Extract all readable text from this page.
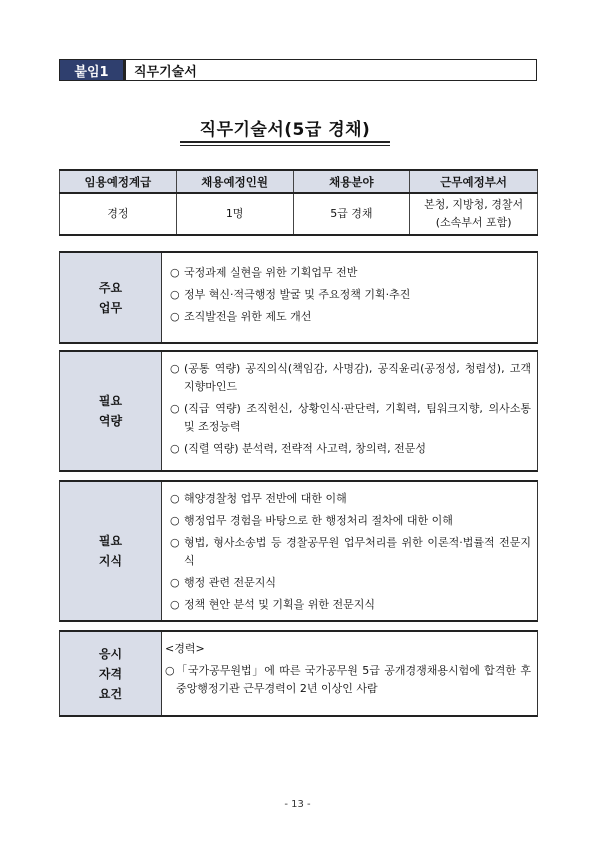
붙임1	직무기술서
직무기술서(5급 경채)
임용예정계급	채용예정인원	채용분야	근무예정부서
경정	1명	5급 경채	본청, 지방청, 경찰서
(소속부서 포함)
주요
업무
○ 국정과제 실현을 위한 기획업무 전반
○ 정부 혁신·적극행정 발굴 및 주요정책 기획·추진
○ 조직발전을 위한 제도 개선
필요
역량
○ (공통 역량) 공직의식(책임감, 사명감), 공직윤리(공정성, 청렴성), 고객지향마인드
○ (직급 역량) 조직헌신, 상황인식·판단력, 기획력, 팀워크지향, 의사소통 및 조정능력
○ (직렬 역량) 분석력, 전략적 사고력, 창의력, 전문성
필요
지식
○ 해양경찰청 업무 전반에 대한 이해
○ 행정업무 경험을 바탕으로 한 행정처리 절차에 대한 이해
○ 형법, 형사소송법 등 경찰공무원 업무처리를 위한 이론적·법률적 전문지식
○ 행정 관련 전문지식
○ 정책 현안 분석 및 기획을 위한 전문지식
응시
자격
요건
<경력>
○ 「국가공무원법」에 따른 국가공무원 5급 공개경쟁채용시험에 합격한 후 중앙행정기관 근무경력이 2년 이상인 사람
- 13 -
